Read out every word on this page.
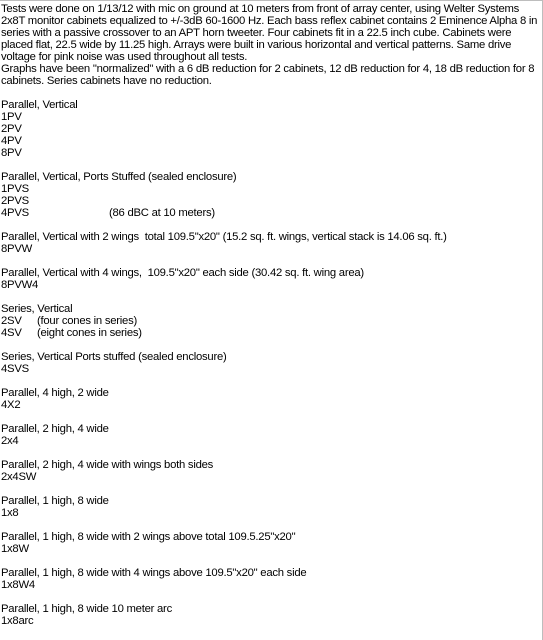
Tests were done on 1/13/12 with mic on ground at 10 meters from front of array center, using Welter Systems 2x8T monitor cabinets equalized to +/-3dB 60-1600 Hz. Each bass reflex cabinet contains 2 Eminence Alpha 8 in series with a passive crossover to an APT horn tweeter. Four cabinets fit in a 22.5 inch cube. Cabinets were placed flat, 22.5 wide by 11.25 high. Arrays were built in various horizontal and vertical patterns. Same drive voltage for pink noise was used throughout all tests.
Graphs have been "normalized" with a 6 dB reduction for 2 cabinets, 12 dB reduction for 4, 18 dB reduction for 8 cabinets. Series cabinets have no reduction.
Parallel, Vertical
1PV
2PV
4PV
8PV
Parallel, Vertical, Ports Stuffed (sealed enclosure)
1PVS
2PVS
4PVS	(86 dBC at 10 meters)
Parallel, Vertical with 2 wings  total 109.5"x20" (15.2 sq. ft. wings, vertical stack is 14.06 sq. ft.)
8PVW
Parallel, Vertical with 4 wings,  109.5"x20" each side (30.42 sq. ft. wing area)
8PVW4
Series, Vertical
2SV (four cones in series)
4SV (eight cones in series)
Series, Vertical Ports stuffed (sealed enclosure)
4SVS
Parallel, 4 high, 2 wide
4X2
Parallel, 2 high, 4 wide
2x4
Parallel, 2 high, 4 wide with wings both sides
2x4SW
Parallel, 1 high, 8 wide
1x8
Parallel, 1 high, 8 wide with 2 wings above total 109.5.25"x20"
1x8W
Parallel, 1 high, 8 wide with 4 wings above 109.5"x20" each side
1x8W4
Parallel, 1 high, 8 wide 10 meter arc
1x8arc
